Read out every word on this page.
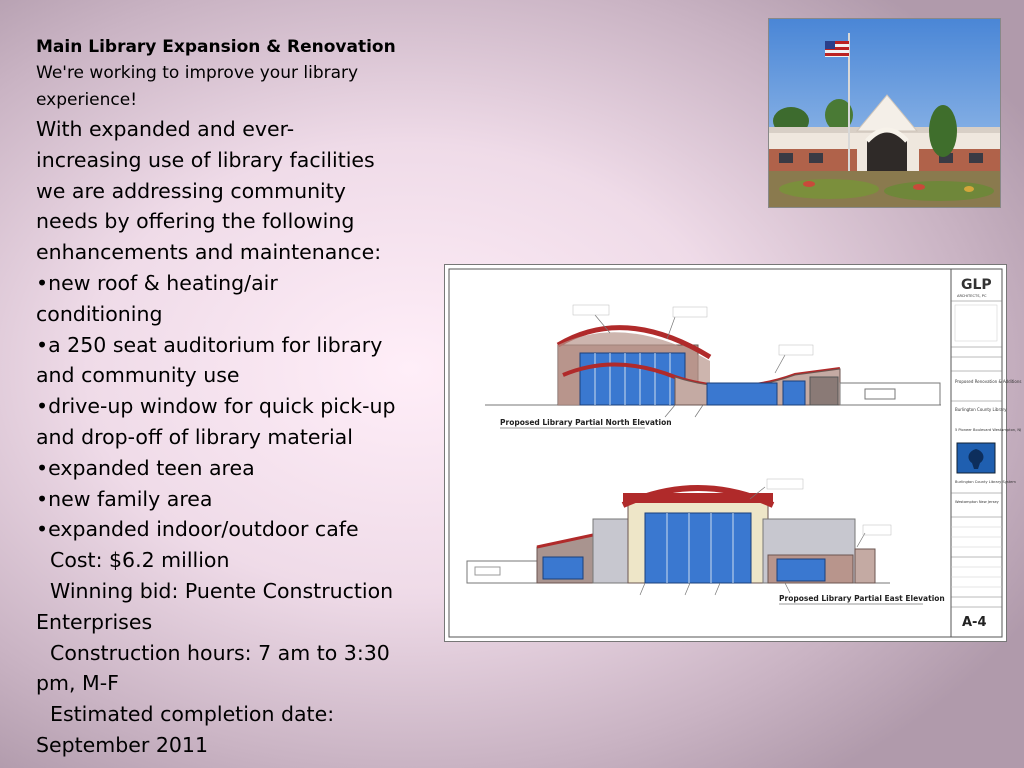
Main Library Expansion & Renovation

We're working to improve your library experience!

With expanded and ever-increasing use of library facilities we are addressing community needs by offering the following enhancements and maintenance:

•new roof & heating/air conditioning

•a 250 seat auditorium for library and community use

•drive-up window for quick pick-up and drop-off of library material

•expanded teen area

•new family area

•expanded indoor/outdoor cafe

Cost: $6.2 million

Winning bid: Puente Construction Enterprises

Construction hours: 7 am to 3:30 pm, M-F

Estimated completion date: September 2011

Proposed Library Partial North Elevation
Proposed Library Partial East Elevation
GLP
ARCHITECTS, PC
Proposed Renovation & Additions
Burlington County Library
5 Pioneer Boulevard Westampton, NJ
Burlington County Library System
Westampton New Jersey
A-4
